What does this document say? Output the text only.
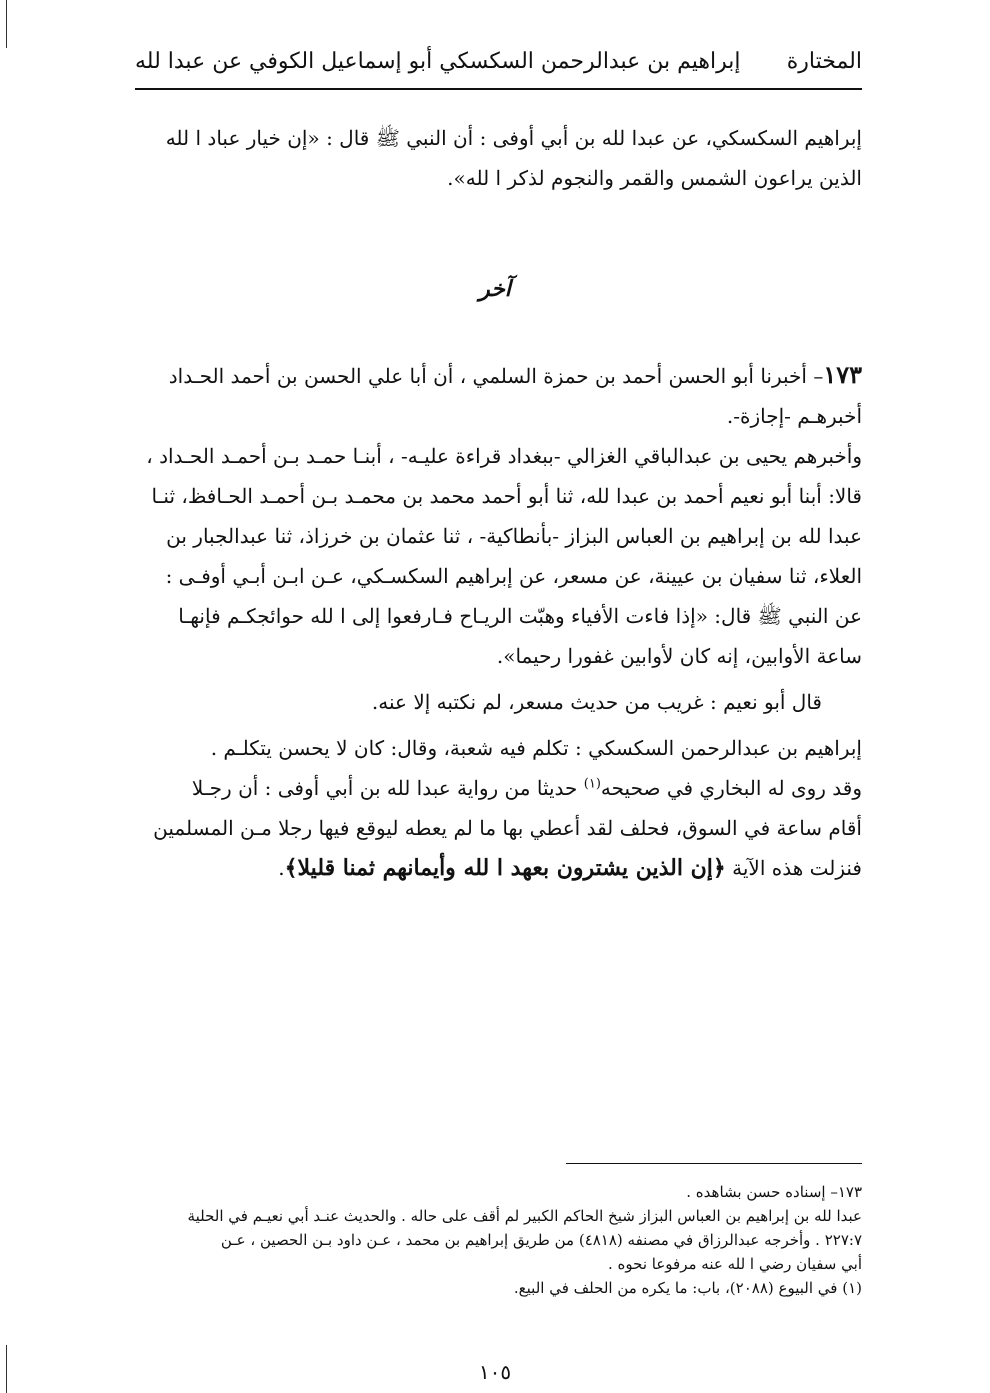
المختارة
إبراهيم بن عبدالرحمن السكسكي أبو إسماعيل الكوفي عن عبدا لله

إبراهيم السكسكي، عن عبدا لله بن أبي أوفى : أن النبي ﷺ قال : «إن خيار عباد ا لله

الذين يراعون الشمس والقمر والنجوم لذكر ا لله».

آخر

١٧٣– أخبرنا أبو الحسن أحمد بن حمزة السلمي ، أن أبا علي الحسن بن أحمد الحـداد

أخبرهـم -إجازة-.

وأخبرهم يحيى بن عبدالباقي الغزالي -ببغداد قراءة عليـه- ، أبنـا حمـد بـن أحمـد الحـداد ،

قالا: أبنا أبو نعيم أحمد بن عبدا لله، ثنا أبو أحمد محمد بن محمـد بـن أحمـد الحـافظ، ثنـا

عبدا لله بن إبراهيم بن العباس البزاز -بأنطاكية- ، ثنا عثمان بن خرزاذ، ثنا عبدالجبار بن

العلاء، ثنا سفيان بن عيينة، عن مسعر، عن إبراهيم السكسـكي، عـن ابـن أبـي أوفـى :

عن النبي ﷺ قال: «إذا فاءت الأفياء وهبّت الريـاح فـارفعوا إلى ا لله حوائجكـم فإنهـا

ساعة الأوابين، إنه كان لأوابين غفورا رحيما».

قال أبو نعيم : غريب من حديث مسعر، لم نكتبه إلا عنه.

إبراهيم بن عبدالرحمن السكسكي : تكلم فيه شعبة، وقال: كان لا يحسن يتكلـم .

وقد روى له البخاري في صحيحه$^{(١)}$ حديثا من رواية عبدا لله بن أبي أوفى : أن رجـلا

أقام ساعة في السوق، فحلف لقد أعطي بها ما لم يعطه ليوقع فيها رجلا مـن المسلمين

فنزلت هذه الآية ﴿إن الذين يشترون بعهد ا لله وأيمانهم ثمنا قليلا﴾.

١٧٣– إسناده حسن بشاهده .

عبدا لله بن إبراهيم بن العباس البزاز شيخ الحاكم الكبير لم أقف على حاله . والحديث عنـد أبي نعيـم في الحلية

٢٢٧:٧ . وأخرجه عبدالرزاق في مصنفه (٤٨١٨) من طريق إبراهيم بن محمد ، عـن داود بـن الحصين ، عـن

أبي سفيان رضي ا لله عنه مرفوعا نحوه .

(١) في البيوع (٢٠٨٨)، باب: ما يكره من الحلف في البيع.

١٠٥
